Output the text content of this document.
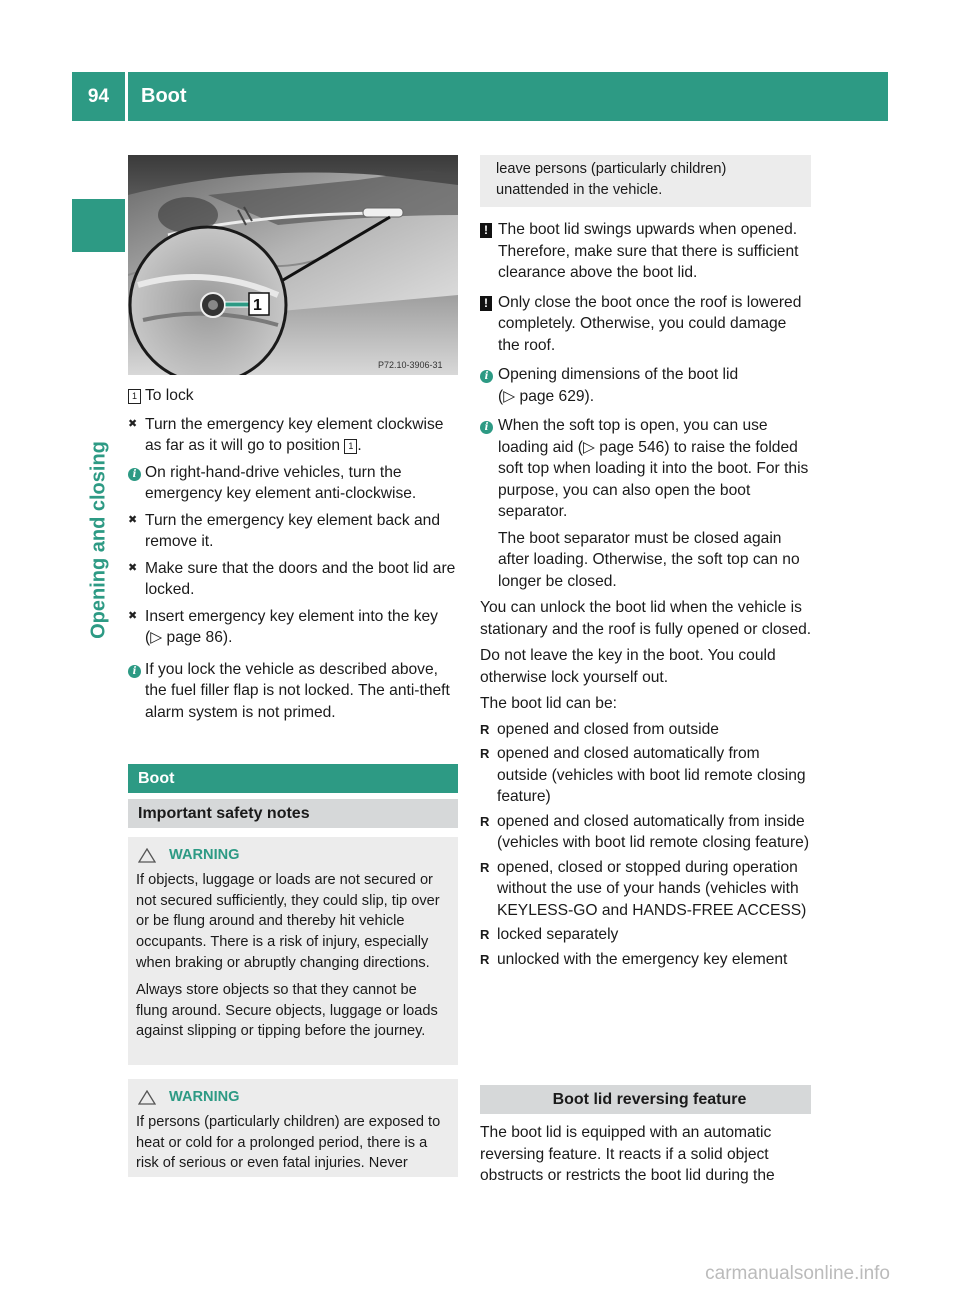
94	Boot
Opening and closing
1
P72.10-3906-31

1 To lock

✖ Turn the emergency key element clockwise as far as it will go to position 1 .

i On right-hand-drive vehicles, turn the emergency key element anti-clockwise.

✖ Turn the emergency key element back and remove it.

✖ Make sure that the doors and the boot lid are locked.

✖ Insert emergency key element into the key
(▷ page 86).

i If you lock the vehicle as described above, the fuel filler flap is not locked. The anti-theft alarm system is not primed.

Boot
Important safety notes
WARNING

If objects, luggage or loads are not secured or not secured sufficiently, they could slip, tip over or be flung around and thereby hit vehicle occupants. There is a risk of injury, especially when braking or abruptly changing directions.

Always store objects so that they cannot be flung around. Secure objects, luggage or loads against slipping or tipping before the journey.

WARNING

If persons (particularly children) are exposed to heat or cold for a prolonged period, there is a risk of serious or even fatal injuries. Never

leave persons (particularly children) unattended in the vehicle.

! The boot lid swings upwards when opened. Therefore, make sure that there is sufficient clearance above the boot lid.

! Only close the boot once the roof is lowered completely. Otherwise, you could damage the roof.

i Opening dimensions of the boot lid
(▷ page 629).

i When the soft top is open, you can use loading aid (▷ page 546) to raise the folded soft top when loading it into the boot. For this purpose, you can also open the boot separator.

The boot separator must be closed again after loading. Otherwise, the soft top can no longer be closed.

You can unlock the boot lid when the vehicle is stationary and the roof is fully opened or closed.

Do not leave the key in the boot. You could otherwise lock yourself out.

The boot lid can be:

R opened and closed from outside

R opened and closed automatically from outside (vehicles with boot lid remote closing feature)

R opened and closed automatically from inside (vehicles with boot lid remote closing feature)

R opened, closed or stopped during operation without the use of your hands (vehicles with KEYLESS-GO and HANDS-FREE ACCESS)

R locked separately

R unlocked with the emergency key element

Boot lid reversing feature

The boot lid is equipped with an automatic reversing feature. It reacts if a solid object obstructs or restricts the boot lid during the

carmanualsonline.info
